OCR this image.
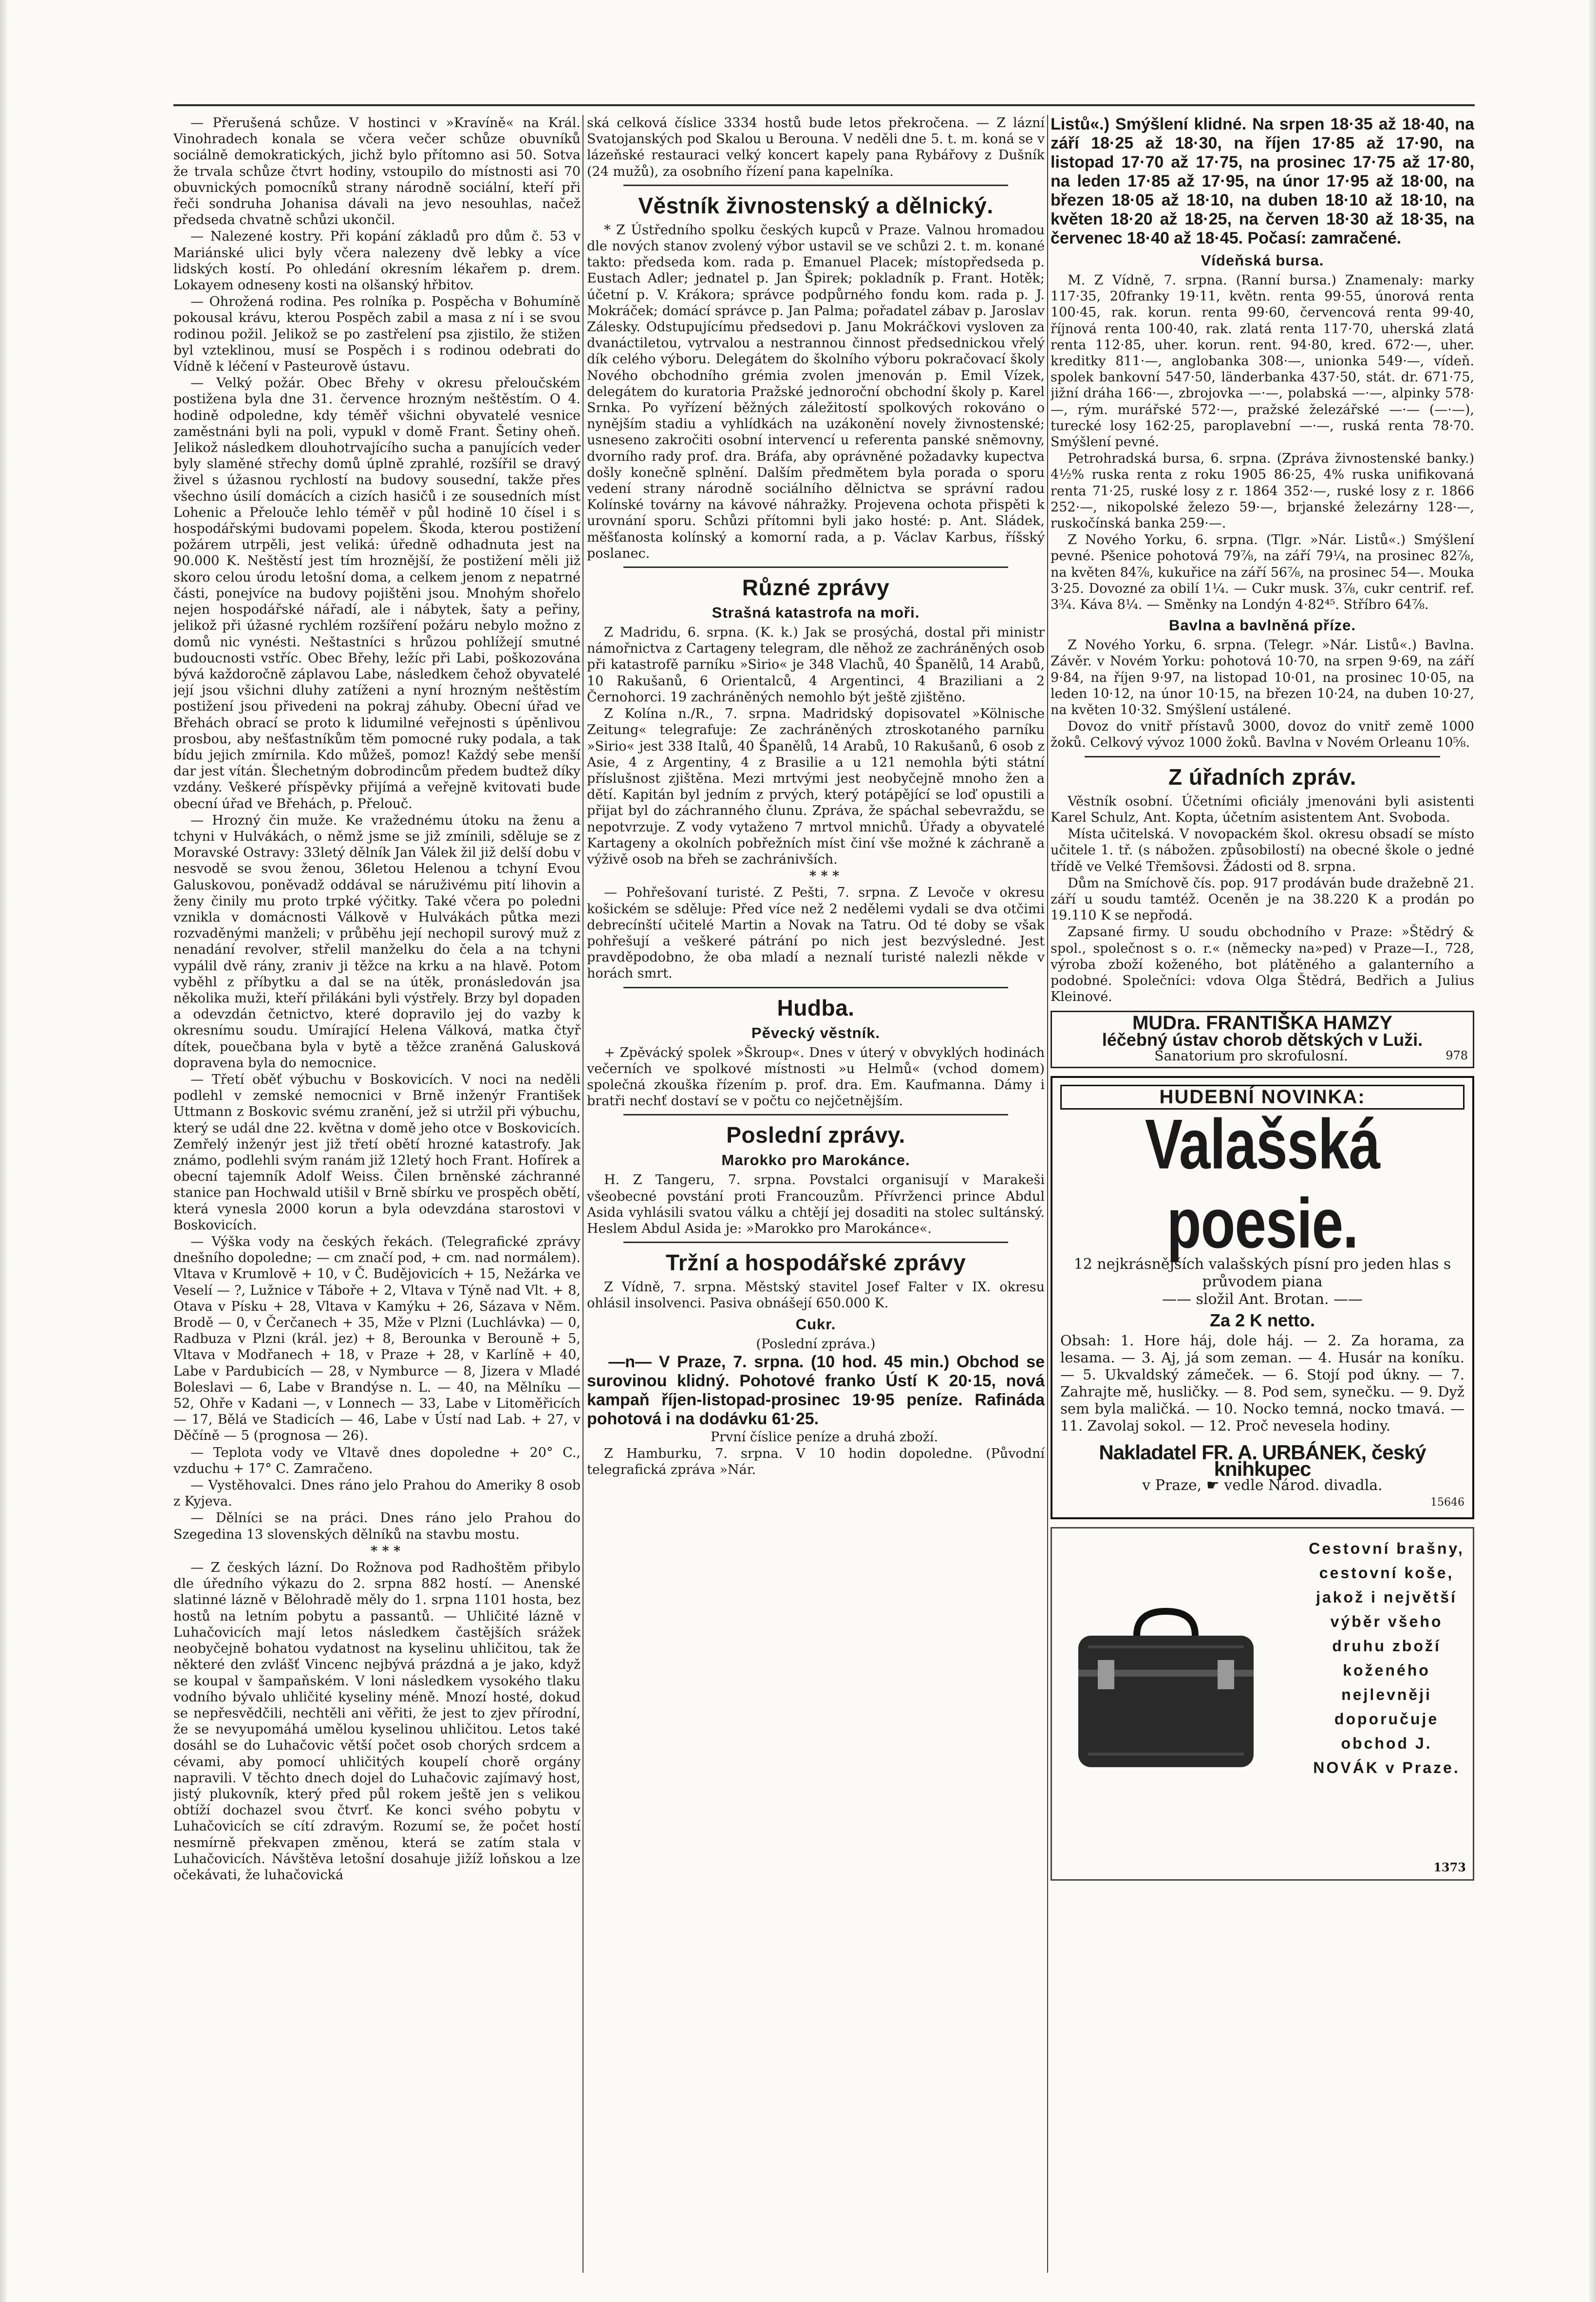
— Přerušená schůze. V hostinci v »Kravíně« na Král. Vinohradech konala se včera večer schůze obuvníků sociálně demokratických, jichž bylo přítomno asi 50. Sotva že trvala schůze čtvrt hodiny, vstoupilo do místnosti asi 70 obuvnických pomocníků strany národně sociální, kteří při řeči sondruha Johanisa dávali na jevo nesouhlas, načež předseda chvatně schůzi ukončil.

— Nalezené kostry. Při kopání základů pro dům č. 53 v Mariánské ulici byly včera nalezeny dvě lebky a více lidských kostí. Po ohledání okresním lékařem p. drem. Lokayem odneseny kosti na olšanský hřbitov.

— Ohrožená rodina. Pes rolníka p. Pospěcha v Bohumíně pokousal krávu, kterou Pospěch zabil a masa z ní i se svou rodinou požil. Jelikož se po zastřelení psa zjistilo, že stižen byl vzteklinou, musí se Pospěch i s rodinou odebrati do Vídně k léčení v Pasteurově ústavu.

— Velký požár. Obec Břehy v okresu přeloučském postižena byla dne 31. července hrozným neštěstím. O 4. hodině odpoledne, kdy téměř všichni obyvatelé vesnice zaměstnáni byli na poli, vypukl v domě Frant. Šetiny oheň. Jelikož následkem dlouhotrvajícího sucha a panujících veder byly slaměné střechy domů úplně zprahlé, rozšířil se dravý živel s úžasnou rychlostí na budovy sousední, takže přes všechno úsilí domácích a cizích hasičů i ze sousedních míst Lohenic a Přelouče lehlo téměř v půl hodině 10 čísel i s hospodářskými budovami popelem. Škoda, kterou postižení požárem utrpěli, jest veliká: úředně odhadnuta jest na 90.000 K. Neštěstí jest tím hroznější, že postižení měli již skoro celou úrodu letošní doma, a celkem jenom z nepatrné části, ponejvíce na budovy pojištěni jsou. Mnohým shořelo nejen hospodářské nářadí, ale i nábytek, šaty a peřiny, jelikož při úžasné rychlém rozšíření požáru nebylo možno z domů nic vynésti. Neštastníci s hrůzou pohlížejí smutné budoucnosti vstříc. Obec Břehy, ležíc při Labi, poškozována bývá každoročně záplavou Labe, následkem čehož obyvatelé její jsou všichni dluhy zatíženi a nyní hrozným neštěstím postižení jsou přivedeni na pokraj záhuby. Obecní úřad ve Břehách obrací se proto k lidumilné veřejnosti s úpěnlivou prosbou, aby nešťastníkům těm pomocné ruky podala, a tak bídu jejich zmírnila. Kdo můžeš, pomoz! Každý sebe menší dar jest vítán. Šlechetným dobrodincům předem budtež díky vzdány. Veškeré příspěvky přijímá a veřejně kvitovati bude obecní úřad ve Břehách, p. Přelouč.

— Hrozný čin muže. Ke vražednému útoku na ženu a tchyni v Hulvákách, o němž jsme se již zmínili, sděluje se z Moravské Ostravy: 33letý dělník Jan Válek žil již delší dobu v nesvodě se svou ženou, 36letou Helenou a tchyní Evou Galuskovou, poněvadž oddával se náruživému pití lihovin a ženy činily mu proto trpké výčitky. Také včera po poledni vznikla v domácnosti Válkově v Hulvákách půtka mezi rozvaděnými manželi; v průběhu její nechopil surový muž z nenadání revolver, střelil manželku do čela a na tchyni vypálil dvě rány, zraniv ji těžce na krku a na hlavě. Potom vyběhl z příbytku a dal se na útěk, pronásledován jsa několika muži, kteří přilákáni byli výstřely. Brzy byl dopaden a odevzdán četnictvo, které dopravilo jej do vazby k okresnímu soudu. Umírající Helena Válková, matka čtyř dítek, pouečbana byla v bytě a těžce zraněná Galusková dopravena byla do nemocnice.

— Třetí oběť výbuchu v Boskovicích. V noci na neděli podlehl v zemské nemocnici v Brně inženýr František Uttmann z Boskovic svému zranění, jež si utržil při výbuchu, který se udál dne 22. května v domě jeho otce v Boskovicích. Zemřelý inženýr jest již třetí obětí hrozné katastrofy. Jak známo, podlehli svým ranám již 12letý hoch Frant. Hofírek a obecní tajemník Adolf Weiss. Čilen brněnské záchranné stanice pan Hochwald utišil v Brně sbírku ve prospěch obětí, která vynesla 2000 korun a byla odevzdána starostovi v Boskovicích.

— Výška vody na českých řekách. (Telegrafické zprávy dnešního dopoledne; — cm značí pod, + cm. nad normálem). Vltava v Krumlově + 10, v Č. Budějovicích + 15, Nežárka ve Veselí — ?, Lužnice v Táboře + 2, Vltava v Týně nad Vlt. + 8, Otava v Písku + 28, Vltava v Kamýku + 26, Sázava v Něm. Brodě — 0, v Čerčanech + 35, Mže v Plzni (Luchlávka) — 0, Radbuza v Plzni (král. jez) + 8, Berounka v Berouně + 5, Vltava v Modřanech + 18, v Praze + 28, v Karlíně + 40, Labe v Pardubicích — 28, v Nymburce — 8, Jizera v Mladé Boleslavi — 6, Labe v Brandýse n. L. — 40, na Mělníku — 52, Ohře v Kadani —, v Lonnech — 33, Labe v Litoměřicích — 17, Bělá ve Stadicích — 46, Labe v Ústí nad Lab. + 27, v Děčíně — 5 (prognosa — 26).

— Teplota vody ve Vltavě dnes dopoledne + 20° C., vzduchu + 17° C. Zamračeno.

— Vystěhovalci. Dnes ráno jelo Prahou do Ameriky 8 osob z Kyjeva.

— Dělníci se na práci. Dnes ráno jelo Prahou do Szegedina 13 slovenských dělníků na stavbu mostu.

* * *

— Z českých lázní. Do Rožnova pod Radhoštěm přibylo dle úředního výkazu do 2. srpna 882 hostí. — Anenské slatinné lázně v Bělohradě měly do 1. srpna 1101 hosta, bez hostů na letním pobytu a passantů. — Uhličité lázně v Luhačovicích mají letos následkem častějších srážek neobyčejně bohatou vydatnost na kyselinu uhličitou, tak že některé den zvlášť Vincenc nejbývá prázdná a je jako, když se koupal v šampaňském. V loni následkem vysokého tlaku vodního bývalo uhličité kyseliny méně. Mnozí hosté, dokud se nepřesvědčili, nechtěli ani věřiti, že jest to zjev přírodní, že se nevyupomáhá umělou kyselinou uhličitou. Letos také dosáhl se do Luhačovic větší počet osob chorých srdcem a cévami, aby pomocí uhličitých koupelí chorě orgány napravili. V těchto dnech dojel do Luhačovic zajímavý host, jistý plukovník, který před půl rokem ještě jen s velikou obtíží dochazel svou čtvrť. Ke konci svého pobytu v Luhačovicích se cítí zdravým. Rozumí se, že počet hostí nesmírně překvapen změnou, která se zatím stala v Luhačovicích. Návštěva letošní dosahuje jižíž loňskou a lze očekávati, že luhačovická

ská celková číslice 3334 hostů bude letos překročena. — Z lázní Svatojanských pod Skalou u Berouna. V neděli dne 5. t. m. koná se v lázeňské restauraci velký koncert kapely pana Rybářovy z Dušník (24 mužů), za osobního řízení pana kapelníka.

Věstník živnostenský a dělnický.

* Z Ústředního spolku českých kupců v Praze. Valnou hromadou dle nových stanov zvolený výbor ustavil se ve schůzi 2. t. m. konané takto: předseda kom. rada p. Emanuel Placek; místopředseda p. Eustach Adler; jednatel p. Jan Špirek; pokladník p. Frant. Hotěk; účetní p. V. Krákora; správce podpůrného fondu kom. rada p. J. Mokráček; domácí správce p. Jan Palma; pořadatel zábav p. Jaroslav Zálesky. Odstupujícímu předsedovi p. Janu Mokráčkovi vysloven za dvanáctiletou, vytrvalou a nestrannou činnost předsednickou vřelý dík celého výboru. Delegátem do školního výboru pokračovací školy Nového obchodního grémia zvolen jmenován p. Emil Vízek, delegátem do kuratoria Pražské jednoroční obchodní školy p. Karel Srnka. Po vyřízení běžných záležitostí spolkových rokováno o nynějším stadiu a vyhlídkách na uzákonění novely živnostenské; usneseno zakročiti osobní intervencí u referenta panské sněmovny, dvorního rady prof. dra. Bráfa, aby oprávněné požadavky kupectva došly konečně splnění. Dalším předmětem byla porada o sporu vedení strany národně sociálního dělnictva se správní radou Kolínské továrny na kávové náhražky. Projevena ochota přispěti k urovnání sporu. Schůzi přítomni byli jako hosté: p. Ant. Sládek, měšťanosta kolínský a komorní rada, a p. Václav Karbus, říšský poslanec.

Různé zprávy
Strašná katastrofa na moři.

Z Madridu, 6. srpna. (K. k.) Jak se prosýchá, dostal při ministr námořnictva z Cartageny telegram, dle něhož ze zachráněných osob při katastrofě parníku »Sirio« je 348 Vlachů, 40 Španělů, 14 Arabů, 10 Rakušanů, 6 Orientalců, 4 Argentinci, 4 Braziliani a 2 Černohorci. 19 zachráněných nemohlo být ještě zjištěno.

Z Kolína n./R., 7. srpna. Madridský dopisovatel »Kölnische Zeitung« telegrafuje: Ze zachráněných ztroskotaného parníku »Sirio« jest 338 Italů, 40 Španělů, 14 Arabů, 10 Rakušanů, 6 osob z Asie, 4 z Argentiny, 4 z Brasilie a u 121 nemohla býti státní příslušnost zjištěna. Mezi mrtvými jest neobyčejně mnoho žen a dětí. Kapitán byl jedním z prvých, který potápějící se loď opustili a přijat byl do záchranného člunu. Zpráva, že spáchal sebevraždu, se nepotvrzuje. Z vody vytaženo 7 mrtvol mnichů. Úřady a obyvatelé Kartageny a okolních pobřežních míst činí vše možné k záchraně a výživě osob na břeh se zachránivších.

* * *

— Pohřešovaní turisté. Z Pešti, 7. srpna. Z Levoče v okresu košickém se sděluje: Před více než 2 nedělemi vydali se dva otčimi debrecínští učitelé Martin a Novak na Tatru. Od té doby se však pohřešují a veškeré pátrání po nich jest bezvýsledné. Jest pravděpodobno, že oba mladí a neznalí turisté nalezli někde v horách smrt.

Hudba.
Pěvecký věstník.

+ Zpěvácký spolek »Škroup«. Dnes v úterý v obvyklých hodinách večerních ve spolkové místnosti »u Helmů« (vchod domem) společná zkouška řízením p. prof. dra. Em. Kaufmanna. Dámy i bratři nechť dostaví se v počtu co nejčetnějším.

Poslední zprávy.
Marokko pro Marokánce.

H. Z Tangeru, 7. srpna. Povstalci organisují v Marakeši všeobecné povstání proti Francouzům. Přívrženci prince Abdul Asida vyhlásili svatou válku a chtějí jej dosaditi na stolec sultánský. Heslem Abdul Asida je: »Marokko pro Marokánce«.

Tržní a hospodářské zprávy

Z Vídně, 7. srpna. Městský stavitel Josef Falter v IX. okresu ohlásil insolvenci. Pasiva obnášejí 650.000 K.

Cukr.

(Poslední zpráva.)

—n— V Praze, 7. srpna. (10 hod. 45 min.) Obchod se surovinou klidný. Pohotové franko Ústí K 20·15, nová kampaň říjen-listopad-prosinec 19·95 peníze. Rafináda pohotová i na dodávku 61·25.

První číslice peníze a druhá zboží.

Z Hamburku, 7. srpna. V 10 hodin dopoledne. (Původní telegrafická zpráva »Nár.

Listů«.) Smýšlení klidné. Na srpen 18·35 až 18·40, na září 18·25 až 18·30, na říjen 17·85 až 17·90, na listopad 17·70 až 17·75, na prosinec 17·75 až 17·80, na leden 17·85 až 17·95, na únor 17·95 až 18·00, na březen 18·05 až 18·10, na duben 18·10 až 18·10, na květen 18·20 až 18·25, na červen 18·30 až 18·35, na červenec 18·40 až 18·45. Počasí: zamračené.

Vídeňská bursa.

M. Z Vídně, 7. srpna. (Ranní bursa.) Znamenaly: marky 117·35, 20franky 19·11, květn. renta 99·55, únorová renta 100·45, rak. korun. renta 99·60, červencová renta 99·40, říjnová renta 100·40, rak. zlatá renta 117·70, uherská zlatá renta 112·85, uher. korun. rent. 94·80, kred. 672·—, uher. kreditky 811·—, anglobanka 308·—, unionka 549·—, vídeň. spolek bankovní 547·50, länderbanka 437·50, stát. dr. 671·75, jižní dráha 166·—, zbrojovka —·—, polabská —·—, alpinky 578·—, rým. murářské 572·—, pražské železářské —·— (—·—), turecké losy 162·25, paroplavební —·—, ruská renta 78·70. Smýšlení pevné.

Petrohradská bursa, 6. srpna. (Zpráva živnostenské banky.) 4½% ruska renta z roku 1905 86·25, 4% ruska unifikovaná renta 71·25, ruské losy z r. 1864 352·—, ruské losy z r. 1866 252·—, nikopolské železo 59·—, brjanské železárny 128·—, ruskočínská banka 259·—.

Z Nového Yorku, 6. srpna. (Tlgr. »Nár. Listů«.) Smýšlení pevné. Pšenice pohotová 79⅞, na září 79¼, na prosinec 82⅞, na květen 84⅞, kukuřice na září 56⅞, na prosinec 54—. Mouka 3·25. Dovozné za obilí 1¼. — Cukr musk. 3⅞, cukr centrif. ref. 3¾. Káva 8¼. — Směnky na Londýn 4·82⁴⁵. Stříbro 64⅞.

Bavlna a bavlněná příze.

Z Nového Yorku, 6. srpna. (Telegr. »Nár. Listů«.) Bavlna. Závěr. v Novém Yorku: pohotová 10·70, na srpen 9·69, na září 9·84, na říjen 9·97, na listopad 10·01, na prosinec 10·05, na leden 10·12, na únor 10·15, na březen 10·24, na duben 10·27, na květen 10·32. Smýšlení ustálené.

Dovoz do vnitř přístavů 3000, dovoz do vnitř země 1000 žoků. Celkový vývoz 1000 žoků. Bavlna v Novém Orleanu 10⅝.

Z úřadních zpráv.

Věstník osobní. Účetními oficiály jmenováni byli asistenti Karel Schulz, Ant. Kopta, účetním asistentem Ant. Svoboda.

Místa učitelská. V novopackém škol. okresu obsadí se místo učitele 1. tř. (s nábožen. způsobilostí) na obecné škole o jedné třídě ve Velké Třemšovsi. Žádosti od 8. srpna.

Dům na Smíchově čís. pop. 917 prodáván bude dražebně 21. září u soudu tamtéž. Oceněn je na 38.220 K a prodán po 19.110 K se nepřodá.

Zapsané firmy. U soudu obchodního v Praze: »Štědrý & spol., společnost s o. r.« (německy na»ped) v Praze—I., 728, výroba zboží koženého, bot plátěného a galanterního a podobné. Společníci: vdova Olga Štědrá, Bedřich a Julius Kleinové.

MUDra. FRANTIŠKA HAMZY
léčebný ústav chorob dětských v Luži.
Sanatorium pro skrofulosní.	978
HUDEBNÍ NOVINKA:
Valašská poesie.
12 nejkrásnějších valašských písní pro jeden hlas s průvodem piana
—— složil Ant. Brotan. ——
Za 2 K netto.
Obsah: 1. Hore háj, dole háj. — 2. Za horama, za lesama. — 3. Aj, já som zeman. — 4. Husár na koníku. — 5. Ukvaldský zámeček. — 6. Stojí pod úkny. — 7. Zahrajte mě, husličky. — 8. Pod sem, synečku. — 9. Dyž sem byla maličká. — 10. Nocko temná, nocko tmavá. — 11. Zavolaj sokol. — 12. Proč nevesela hodiny.
Nakladatel FR. A. URBÁNEK, český knihkupec
v Praze, ☛ vedle Národ. divadla.
15646
Cestovní brašny, cestovní koše, jakož i největší výběr všeho druhu zboží koženého nejlevněji doporučuje obchod J. NOVÁK v Praze.
1373
